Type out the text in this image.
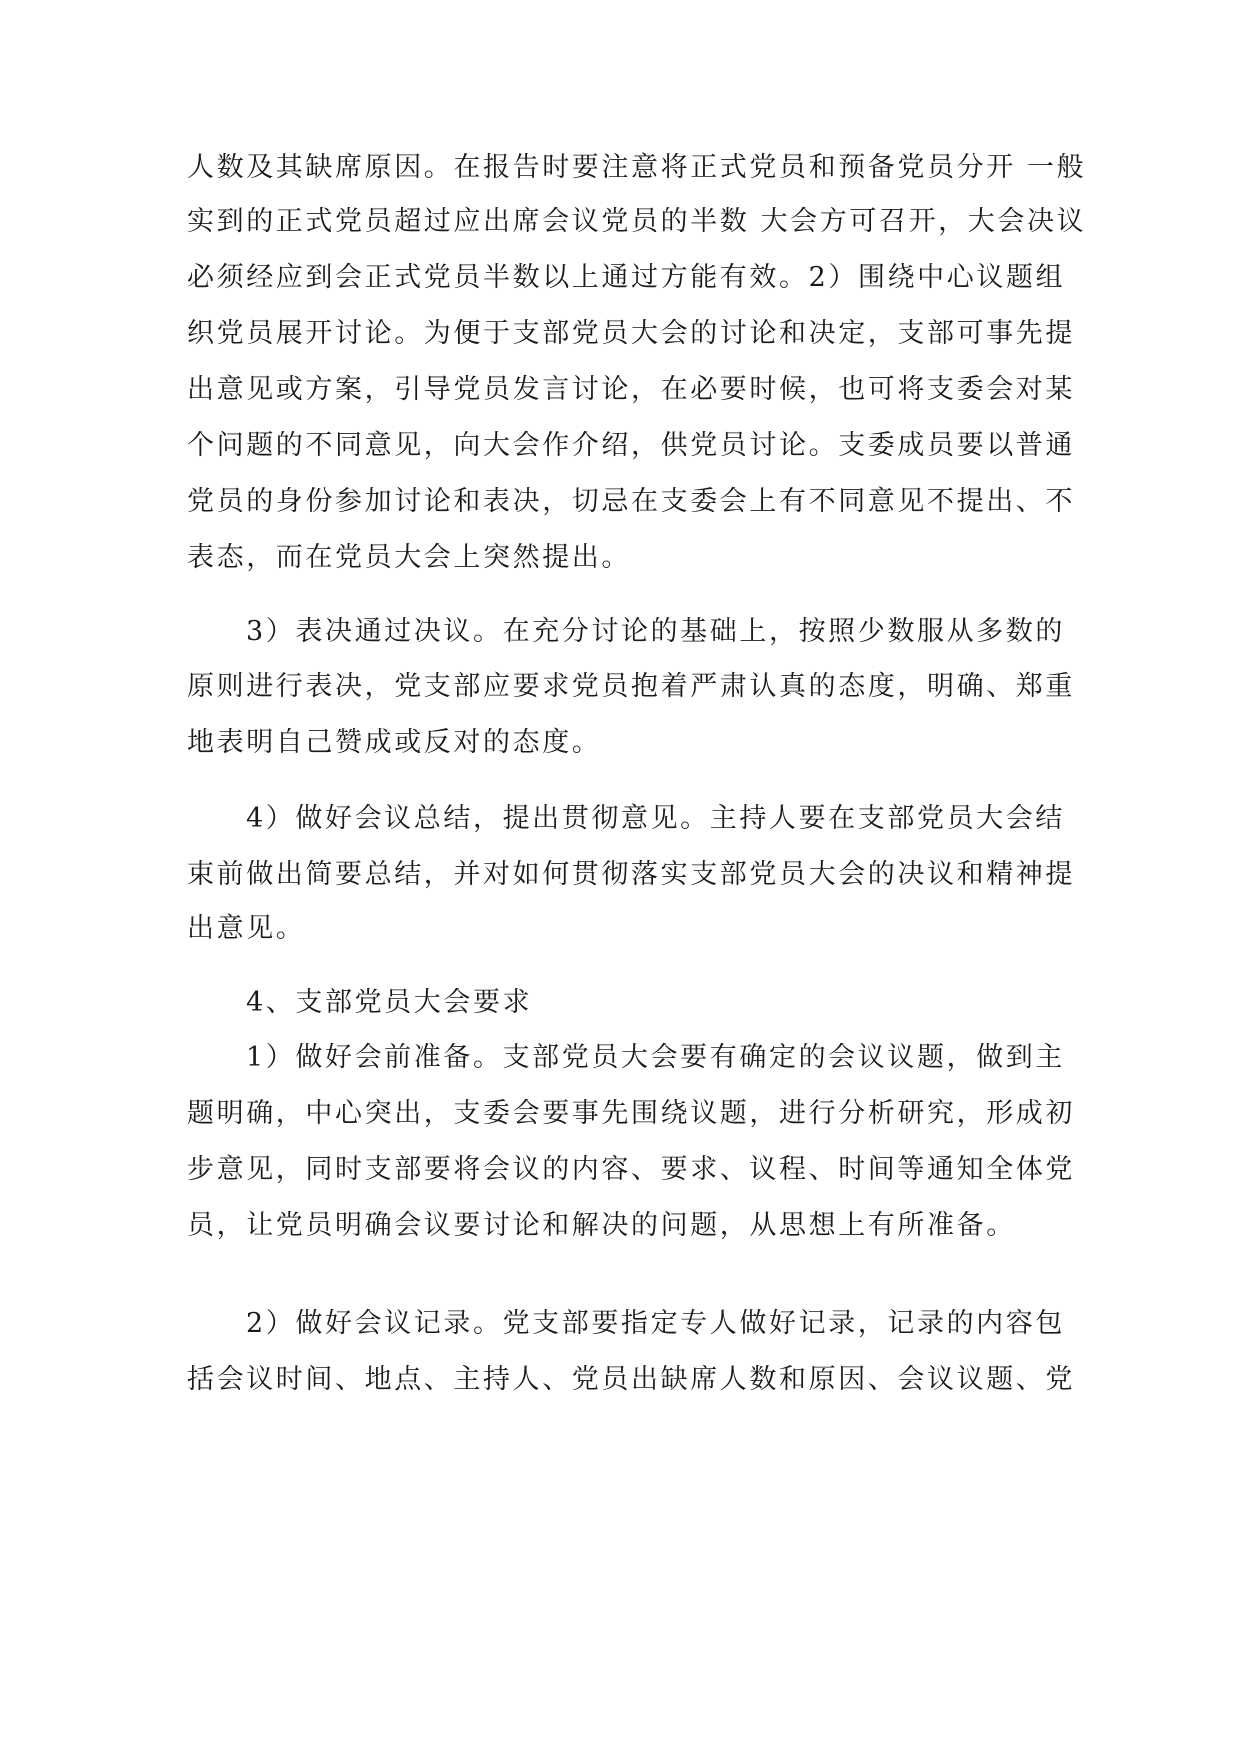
人数及其缺席原因。在报告时要注意将正式党员和预备党员分开 一般
实到的正式党员超过应出席会议党员的半数 大会方可召开，大会决议
必须经应到会正式党员半数以上通过方能有效。2）围绕中心议题组
织党员展开讨论。为便于支部党员大会的讨论和决定，支部可事先提
出意见或方案，引导党员发言讨论，在必要时候，也可将支委会对某
个问题的不同意见，向大会作介绍，供党员讨论。支委成员要以普通
党员的身份参加讨论和表决，切忌在支委会上有不同意见不提出、不
表态，而在党员大会上突然提出。
3）表决通过决议。在充分讨论的基础上，按照少数服从多数的
原则进行表决，党支部应要求党员抱着严肃认真的态度，明确、郑重
地表明自己赞成或反对的态度。
4）做好会议总结，提出贯彻意见。主持人要在支部党员大会结
束前做出简要总结，并对如何贯彻落实支部党员大会的决议和精神提
出意见。
4、支部党员大会要求
1）做好会前准备。支部党员大会要有确定的会议议题，做到主
题明确，中心突出，支委会要事先围绕议题，进行分析研究，形成初
步意见，同时支部要将会议的内容、要求、议程、时间等通知全体党
员，让党员明确会议要讨论和解决的问题，从思想上有所准备。
2）做好会议记录。党支部要指定专人做好记录，记录的内容包
括会议时间、地点、主持人、党员出缺席人数和原因、会议议题、党
